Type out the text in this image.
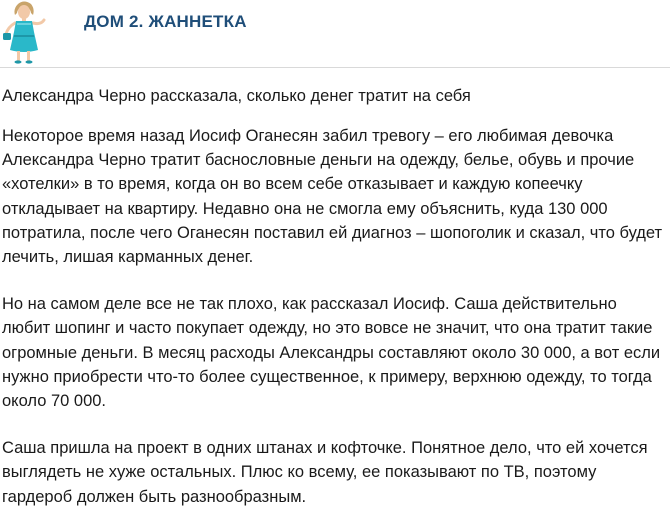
ДОМ 2. ЖАННЕТКА

Александра Черно рассказала, сколько денег тратит на себя

Некоторое время назад Иосиф Оганесян забил тревогу – его любимая девочка Александра Черно тратит баснословные деньги на одежду, белье, обувь и прочие «хотелки» в то время, когда он во всем себе отказывает и каждую копеечку откладывает на квартиру. Недавно она не смогла ему объяснить, куда 130 000 потратила, после чего Оганесян поставил ей диагноз – шопоголик и сказал, что будет лечить, лишая карманных денег.

Но на самом деле все не так плохо, как рассказал Иосиф. Саша действительно любит шопинг и часто покупает одежду, но это вовсе не значит, что она тратит такие огромные деньги. В месяц расходы Александры составляют около 30 000, а вот если нужно приобрести что-то более существенное, к примеру, верхнюю одежду, то тогда около 70 000.

Саша пришла на проект в одних штанах и кофточке. Понятное дело, что ей хочется выглядеть не хуже остальных. Плюс ко всему, ее показывают по ТВ, поэтому гардероб должен быть разнообразным.
